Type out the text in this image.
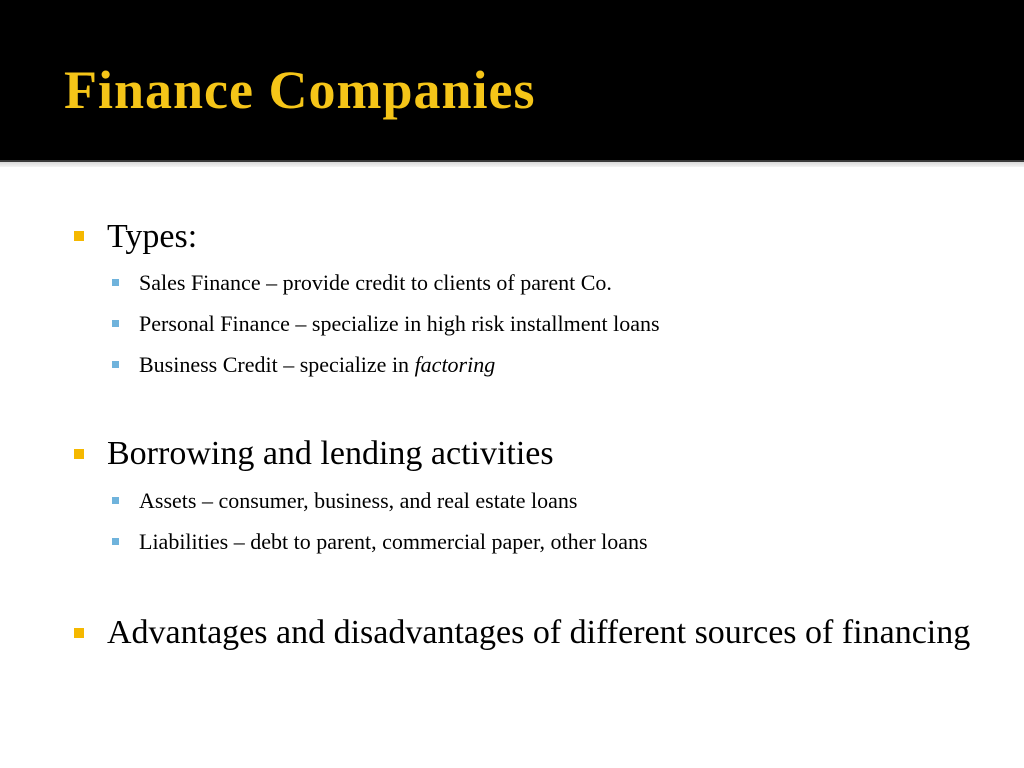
Finance Companies
Types:
Sales Finance – provide credit to clients of parent Co.
Personal Finance – specialize in high risk installment loans
Business Credit – specialize in factoring
Borrowing and lending activities
Assets – consumer, business, and real estate loans
Liabilities – debt to parent, commercial paper, other loans
Advantages and disadvantages of different sources of financing
